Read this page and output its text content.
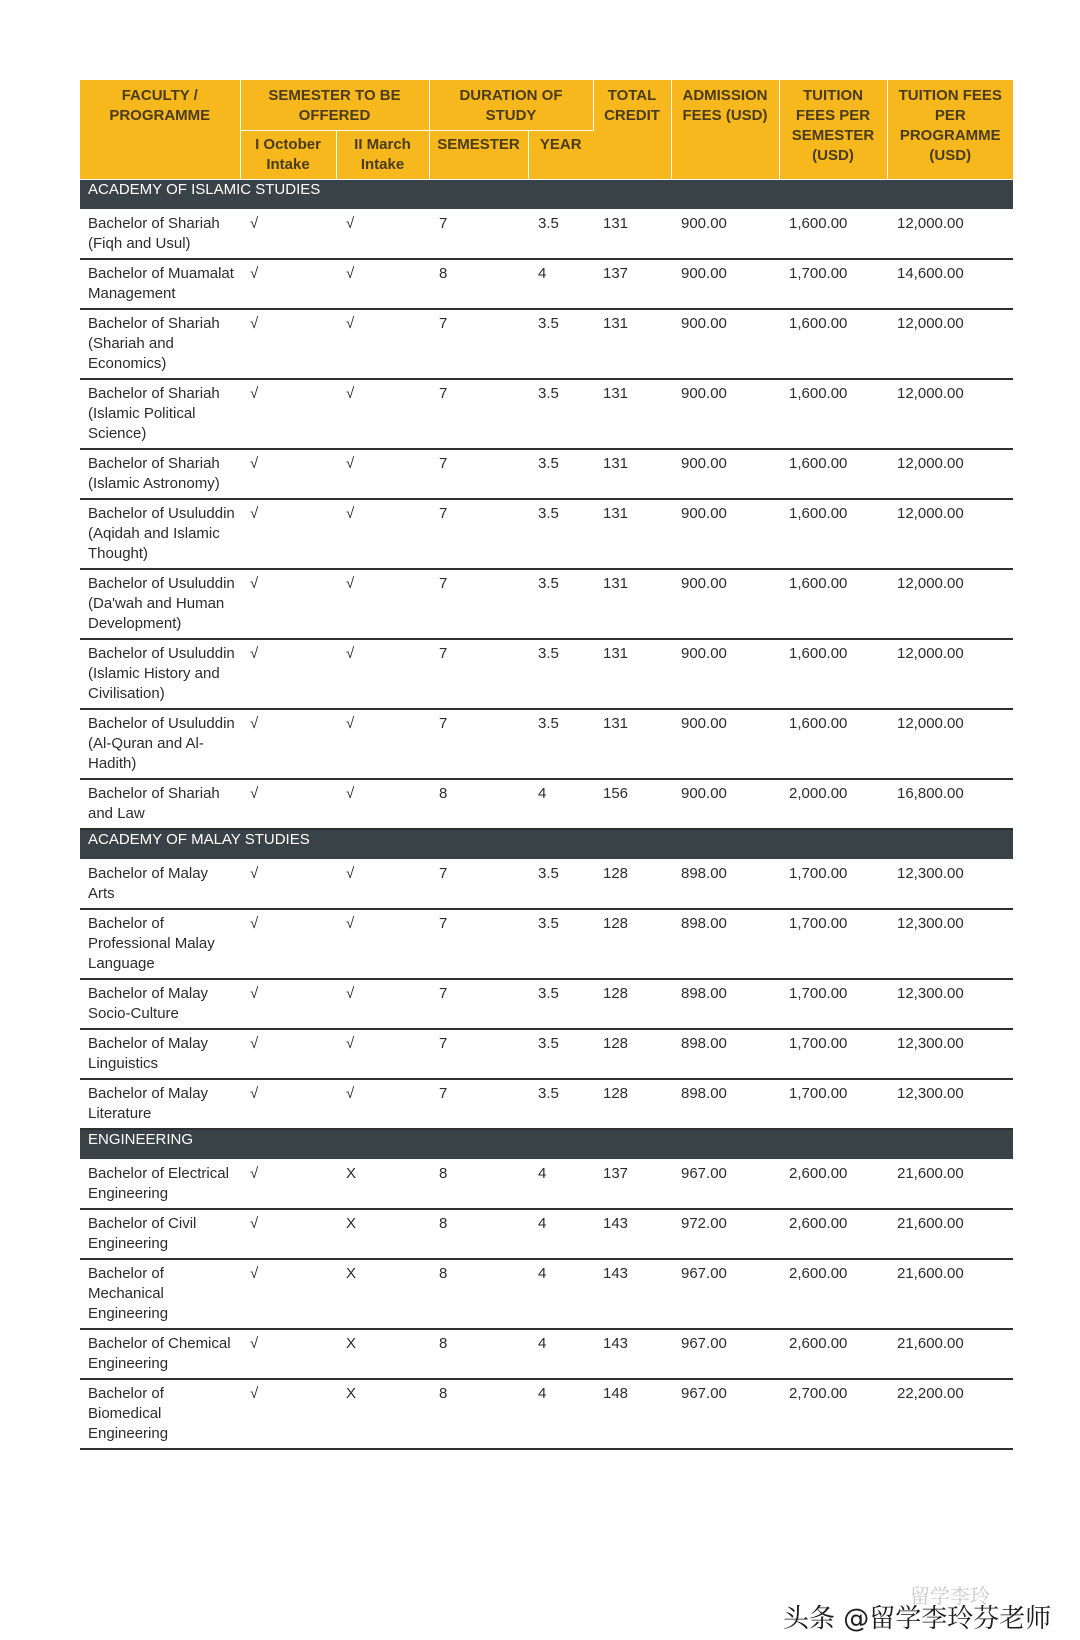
FACULTY / PROGRAMME	SEMESTER TO BE OFFERED		DURATION OF STUDY		TOTAL CREDIT	ADMISSION FEES (USD)	TUITION FEES PER SEMESTER (USD)	TUITION FEES PER PROGRAMME (USD)
	I October Intake	II March Intake	SEMESTER	YEAR				
ACADEMY OF ISLAMIC STUDIES								
Bachelor of Shariah (Fiqh and Usul)	√	√	7	3.5	131	900.00	1,600.00	12,000.00
Bachelor of Muamalat Management	√	√	8	4	137	900.00	1,700.00	14,600.00
Bachelor of Shariah (Shariah and Economics)	√	√	7	3.5	131	900.00	1,600.00	12,000.00
Bachelor of Shariah (Islamic Political Science)	√	√	7	3.5	131	900.00	1,600.00	12,000.00
Bachelor of Shariah (Islamic Astronomy)	√	√	7	3.5	131	900.00	1,600.00	12,000.00
Bachelor of Usuluddin (Aqidah and Islamic Thought)	√	√	7	3.5	131	900.00	1,600.00	12,000.00
Bachelor of Usuluddin (Da'wah and Human Development)	√	√	7	3.5	131	900.00	1,600.00	12,000.00
Bachelor of Usuluddin (Islamic History and Civilisation)	√	√	7	3.5	131	900.00	1,600.00	12,000.00
Bachelor of Usuluddin (Al-Quran and Al-Hadith)	√	√	7	3.5	131	900.00	1,600.00	12,000.00
Bachelor of Shariah and Law	√	√	8	4	156	900.00	2,000.00	16,800.00
ACADEMY OF MALAY STUDIES								
Bachelor of Malay Arts	√	√	7	3.5	128	898.00	1,700.00	12,300.00
Bachelor of Professional Malay Language	√	√	7	3.5	128	898.00	1,700.00	12,300.00
Bachelor of Malay Socio-Culture	√	√	7	3.5	128	898.00	1,700.00	12,300.00
Bachelor of Malay Linguistics	√	√	7	3.5	128	898.00	1,700.00	12,300.00
Bachelor of Malay Literature	√	√	7	3.5	128	898.00	1,700.00	12,300.00
ENGINEERING								
Bachelor of Electrical Engineering	√	X	8	4	137	967.00	2,600.00	21,600.00
Bachelor of Civil Engineering	√	X	8	4	143	972.00	2,600.00	21,600.00
Bachelor of Mechanical Engineering	√	X	8	4	143	967.00	2,600.00	21,600.00
Bachelor of Chemical Engineering	√	X	8	4	143	967.00	2,600.00	21,600.00
Bachelor of Biomedical Engineering	√	X	8	4	148	967.00	2,700.00	22,200.00
留学李玲
头条 @留学李玲芬老师
